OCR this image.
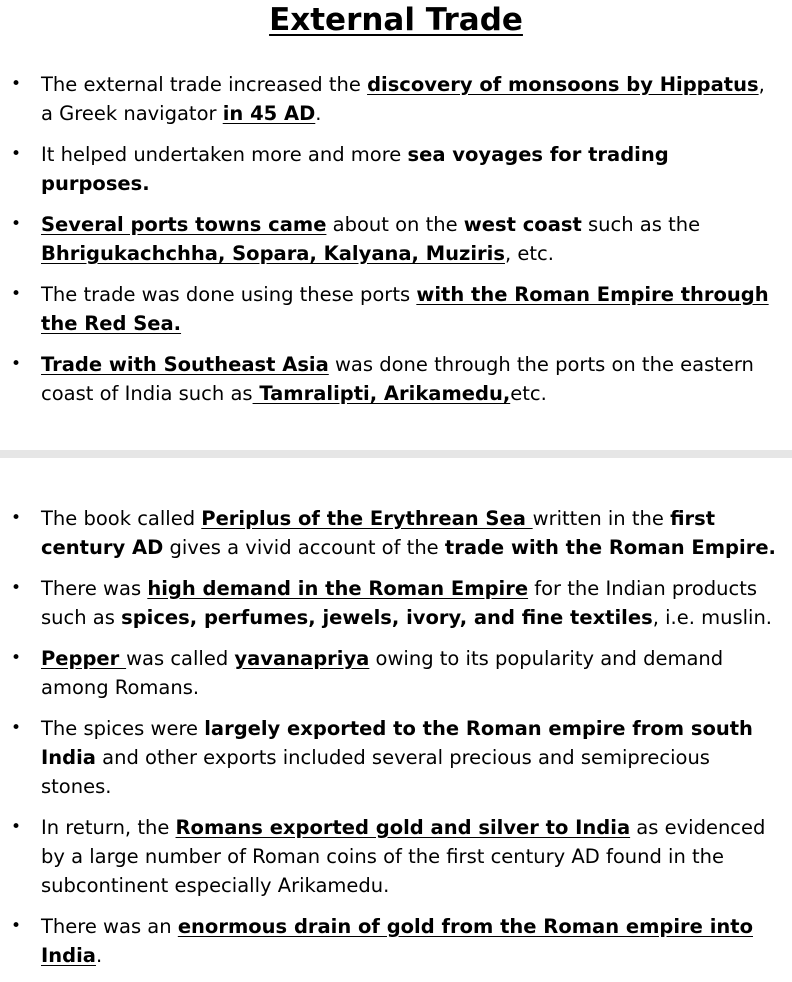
External Trade
• The external trade increased the discovery of monsoons by Hippatus, a Greek navigator in 45 AD.
• It helped undertaken more and more sea voyages for trading purposes.
• Several ports towns came about on the west coast such as the Bhrigukachchha, Sopara, Kalyana, Muziris, etc.
• The trade was done using these ports with the Roman Empire through the Red Sea.
• Trade with Southeast Asia was done through the ports on the eastern coast of India such as Tamralipti, Arikamedu,etc.
• The book called Periplus of the Erythrean Sea written in the first century AD gives a vivid account of the trade with the Roman Empire.
• There was high demand in the Roman Empire for the Indian products such as spices, perfumes, jewels, ivory, and fine textiles, i.e. muslin.
• Pepper was called yavanapriya owing to its popularity and demand among Romans.
• The spices were largely exported to the Roman empire from south India and other exports included several precious and semiprecious stones.
• In return, the Romans exported gold and silver to India as evidenced by a large number of Roman coins of the first century AD found in the subcontinent especially Arikamedu.
• There was an enormous drain of gold from the Roman empire into India.
